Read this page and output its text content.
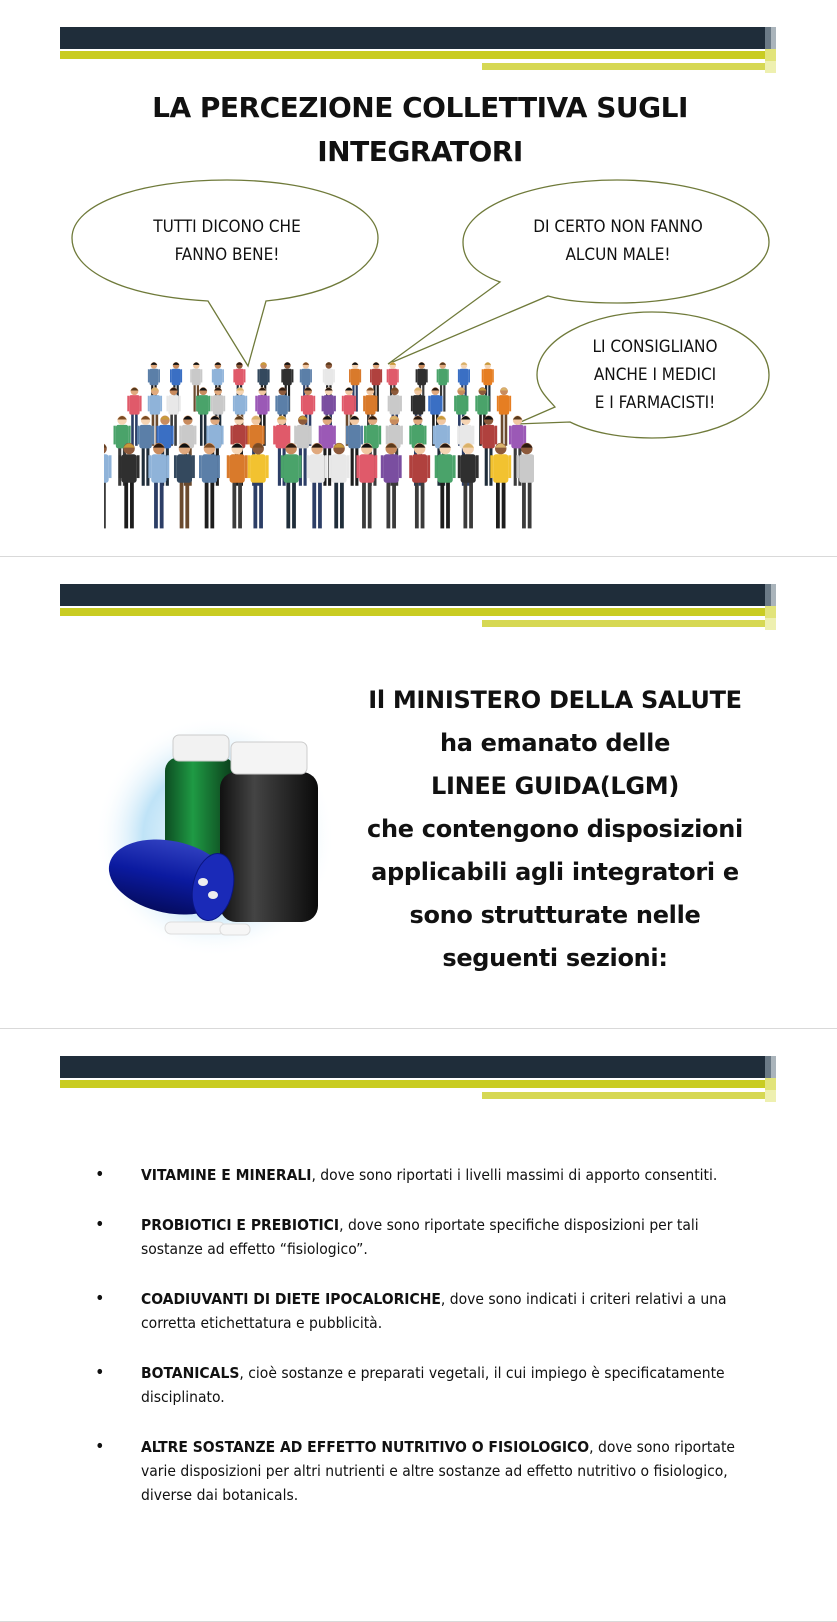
LA PERCEZIONE COLLETTIVA SUGLI
INTEGRATORI
TUTTI DICONO CHE
FANNO BENE!
DI CERTO NON FANNO
ALCUN MALE!
LI CONSIGLIANO
ANCHE I MEDICI
E I FARMACISTI!
Il MINISTERO DELLA SALUTE
ha emanato delle
LINEE GUIDA(LGM)
che contengono disposizioni
applicabili agli integratori e
sono strutturate nelle
seguenti sezioni:
• VITAMINE E MINERALI, dove sono riportati i livelli massimi di apporto consentiti.
• PROBIOTICI E PREBIOTICI, dove sono riportate specifiche disposizioni per tali sostanze ad effetto “fisiologico”.
• COADIUVANTI DI DIETE IPOCALORICHE, dove sono indicati i criteri relativi a una corretta etichettatura e pubblicità.
• BOTANICALS, cioè sostanze e preparati vegetali, il cui impiego è specificatamente disciplinato.
• ALTRE SOSTANZE AD EFFETTO NUTRITIVO O FISIOLOGICO, dove sono riportate varie disposizioni per altri nutrienti e altre sostanze ad effetto nutritivo o fisiologico, diverse dai botanicals.
